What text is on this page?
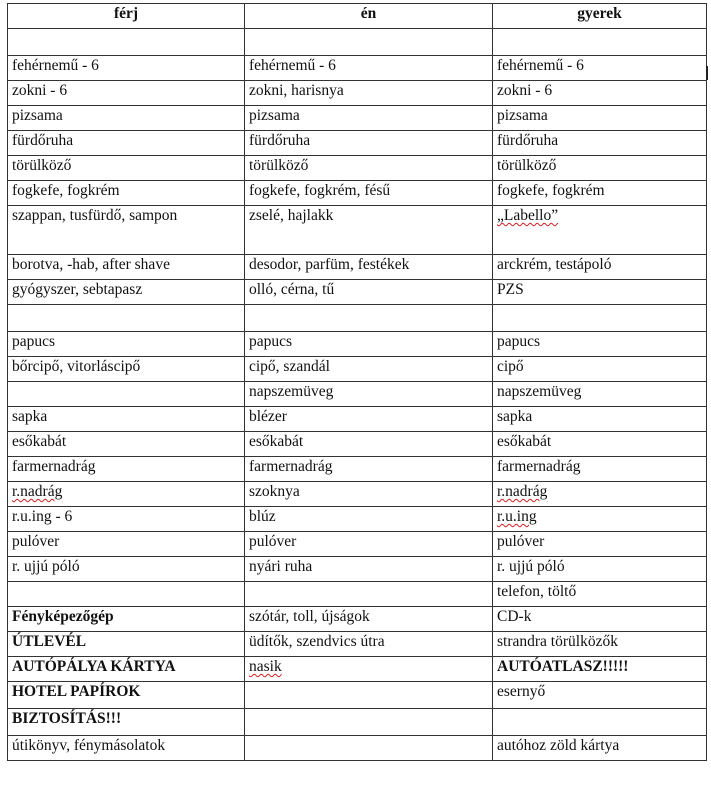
férj	én	gyerek

fehérnemű - 6	fehérnemű - 6	fehérnemű - 6
zokni - 6	zokni, harisnya	zokni - 6
pizsama	pizsama	pizsama
fürdőruha	fürdőruha	fürdőruha
törülköző	törülköző	törülköző
fogkefe, fogkrém	fogkefe, fogkrém, fésű	fogkefe, fogkrém
szappan, tusfürdő, sampon	zselé, hajlakk	„Labello”
borotva, -hab, after shave	desodor, parfüm, festékek	arckrém, testápoló
gyógyszer, sebtapasz	olló, cérna, tű	PZS

papucs	papucs	papucs
bőrcipő, vitorláscipő	cipő, szandál	cipő
	napszemüveg	napszemüveg
sapka	blézer	sapka
esőkabát	esőkabát	esőkabát
farmernadrág	farmernadrág	farmernadrág
r.nadrág	szoknya	r.nadrág
r.u.ing - 6	blúz	r.u.ing
pulóver	pulóver	pulóver
r. ujjú póló	nyári ruha	r. ujjú póló
		telefon, töltő
Fényképezőgép	szótár, toll, újságok	CD-k
ÚTLEVÉL	üdítők, szendvics útra	strandra törülközők
AUTÓPÁLYA KÁRTYA	nasik	AUTÓATLASZ!!!!!
HOTEL PAPÍROK		esernyő
BIZTOSÍTÁS!!!		
útikönyv, fénymásolatok		autóhoz zöld kártya
